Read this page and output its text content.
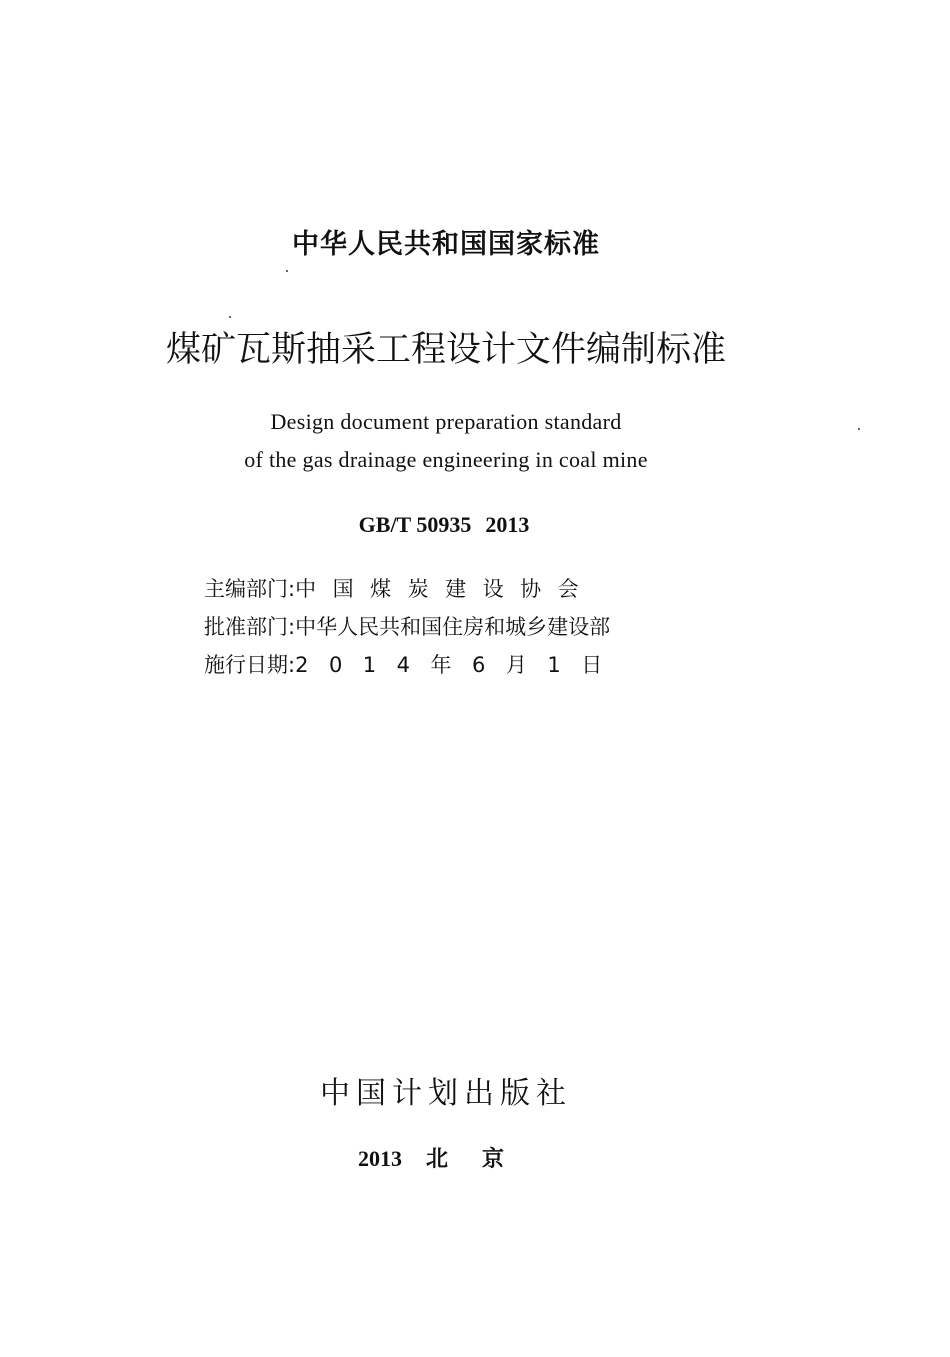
中华人民共和国国家标准
煤矿瓦斯抽采工程设计文件编制标准
Design document preparation standard
of the gas drainage engineering in coal mine
GB/T 50935 2013
主编部门:中国煤炭建设协会
批准部门:中华人民共和国住房和城乡建设部
施行日期:2014年6月1日
中国计划出版社
2013 北京
